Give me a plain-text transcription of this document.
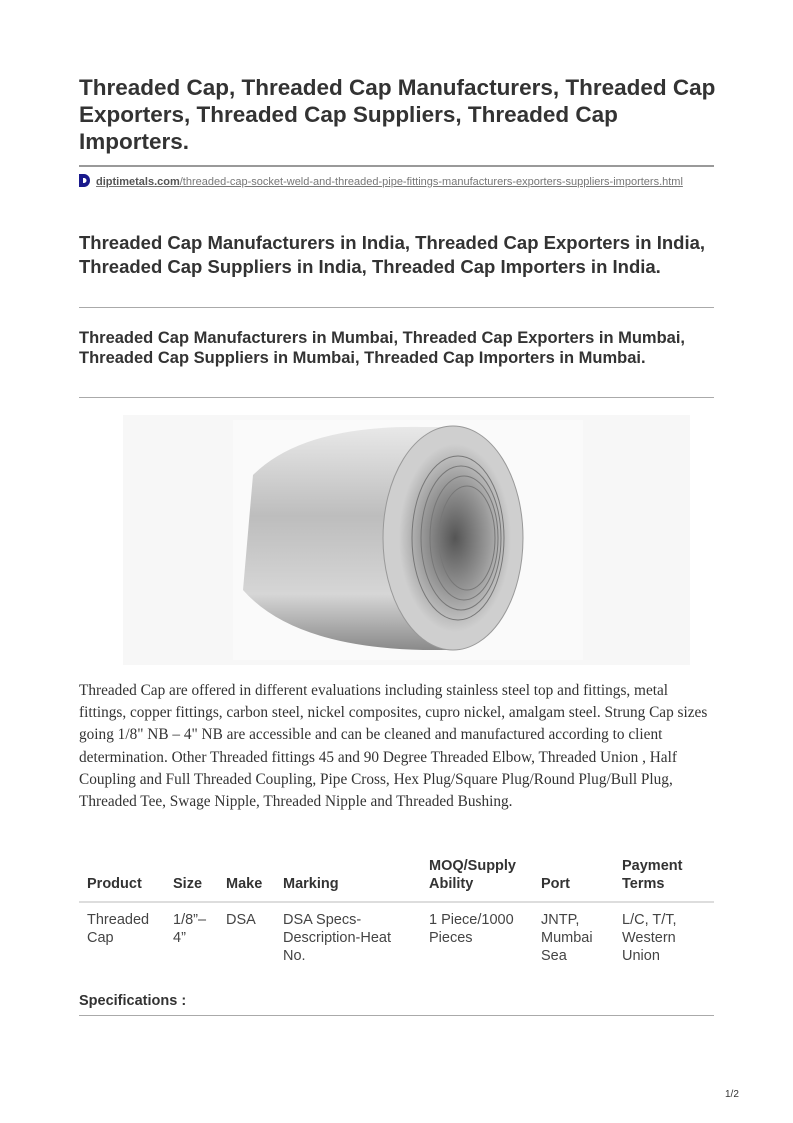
Threaded Cap, Threaded Cap Manufacturers, Threaded Cap Exporters, Threaded Cap Suppliers, Threaded Cap Importers.
diptimetals.com/threaded-cap-socket-weld-and-threaded-pipe-fittings-manufacturers-exporters-suppliers-importers.html
Threaded Cap Manufacturers in India, Threaded Cap Exporters in India, Threaded Cap Suppliers in India, Threaded Cap Importers in India.
Threaded Cap Manufacturers in Mumbai, Threaded Cap Exporters in Mumbai, Threaded Cap Suppliers in Mumbai, Threaded Cap Importers in Mumbai.

Threaded Cap are offered in different evaluations including stainless steel top and fittings, metal fittings, copper fittings, carbon steel, nickel composites, cupro nickel, amalgam steel. Strung Cap sizes going 1/8" NB – 4" NB are accessible and can be cleaned and manufactured according to client determination. Other Threaded fittings 45 and 90 Degree Threaded Elbow, Threaded Union , Half Coupling and Full Threaded Coupling, Pipe Cross, Hex Plug/Square Plug/Round Plug/Bull Plug, Threaded Tee, Swage Nipple, Threaded Nipple and Threaded Bushing.

Product	Size	Make	Marking	MOQ/Supply Ability	Port	Payment Terms
Threaded Cap	1/8”– 4”	DSA	DSA Specs-Description-Heat No.	1 Piece/1000 Pieces	JNTP, Mumbai Sea	L/C, T/T, Western Union
Specifications :
1/2
